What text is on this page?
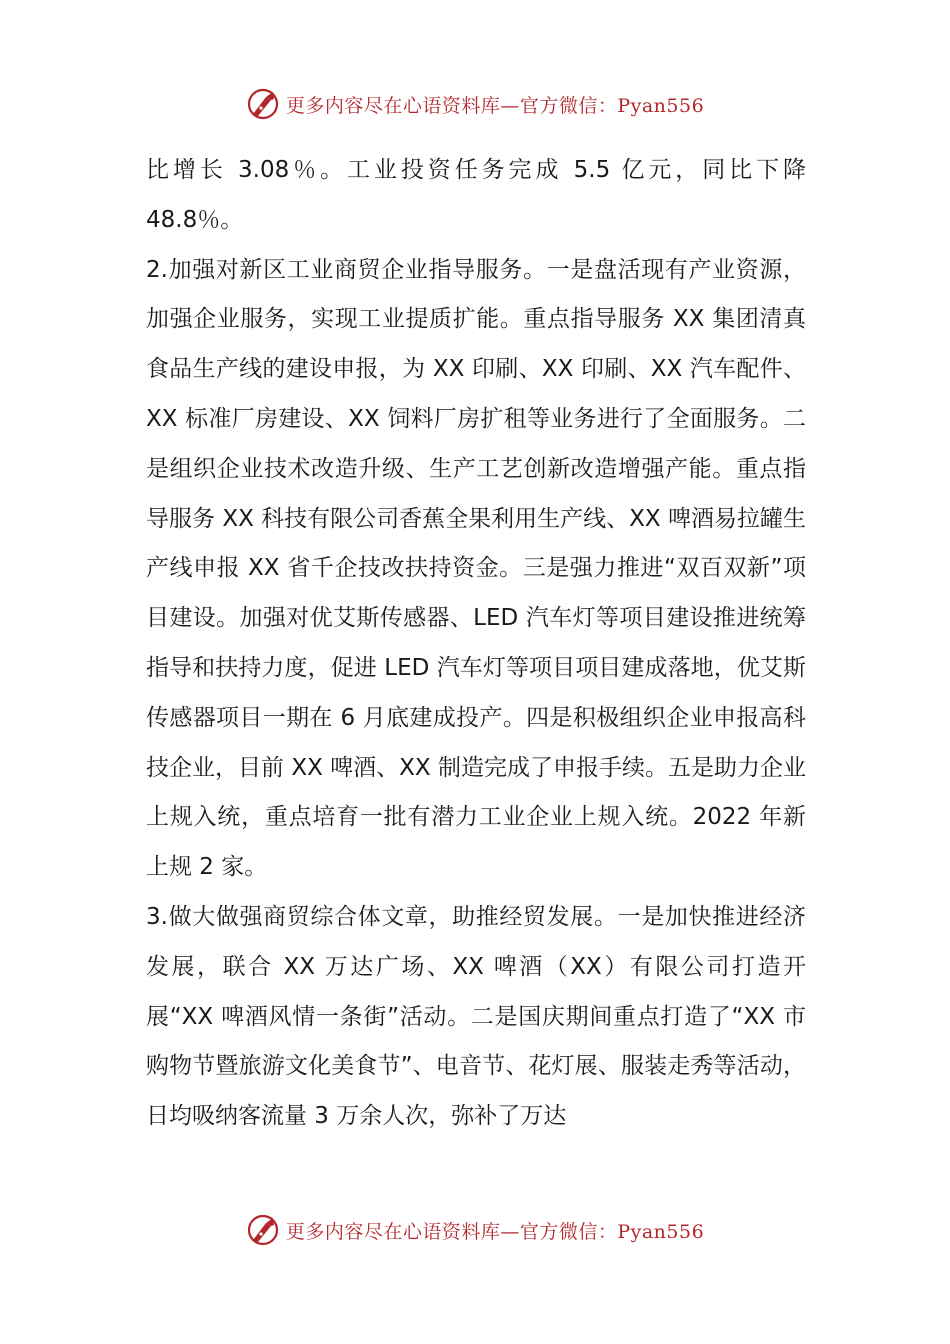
更多内容尽在心语资料库—官方微信：Pyan556

比增长 3.08％。工业投资任务完成 5.5 亿元，同比下降 48.8％。

2.加强对新区工业商贸企业指导服务。一是盘活现有产业资源，加强企业服务，实现工业提质扩能。重点指导服务 XX 集团清真食品生产线的建设申报，为 XX 印刷、XX 印刷、XX 汽车配件、XX 标准厂房建设、XX 饲料厂房扩租等业务进行了全面服务。二是组织企业技术改造升级、生产工艺创新改造增强产能。重点指导服务 XX 科技有限公司香蕉全果利用生产线、XX 啤酒易拉罐生产线申报 XX 省千企技改扶持资金。三是强力推进“双百双新”项目建设。加强对优艾斯传感器、LED 汽车灯等项目建设推进统筹指导和扶持力度，促进 LED 汽车灯等项目项目建成落地，优艾斯传感器项目一期在 6 月底建成投产。四是积极组织企业申报高科技企业，目前 XX 啤酒、XX 制造完成了申报手续。五是助力企业上规入统，重点培育一批有潜力工业企业上规入统。2022 年新上规 2 家。

3.做大做强商贸综合体文章，助推经贸发展。一是加快推进经济发展，联合 XX 万达广场、XX 啤酒（XX）有限公司打造开展“XX 啤酒风情一条街”活动。二是国庆期间重点打造了“XX 市购物节暨旅游文化美食节”、电音节、花灯展、服装走秀等活动，日均吸纳客流量 3 万余人次，弥补了万达

更多内容尽在心语资料库—官方微信：Pyan556
